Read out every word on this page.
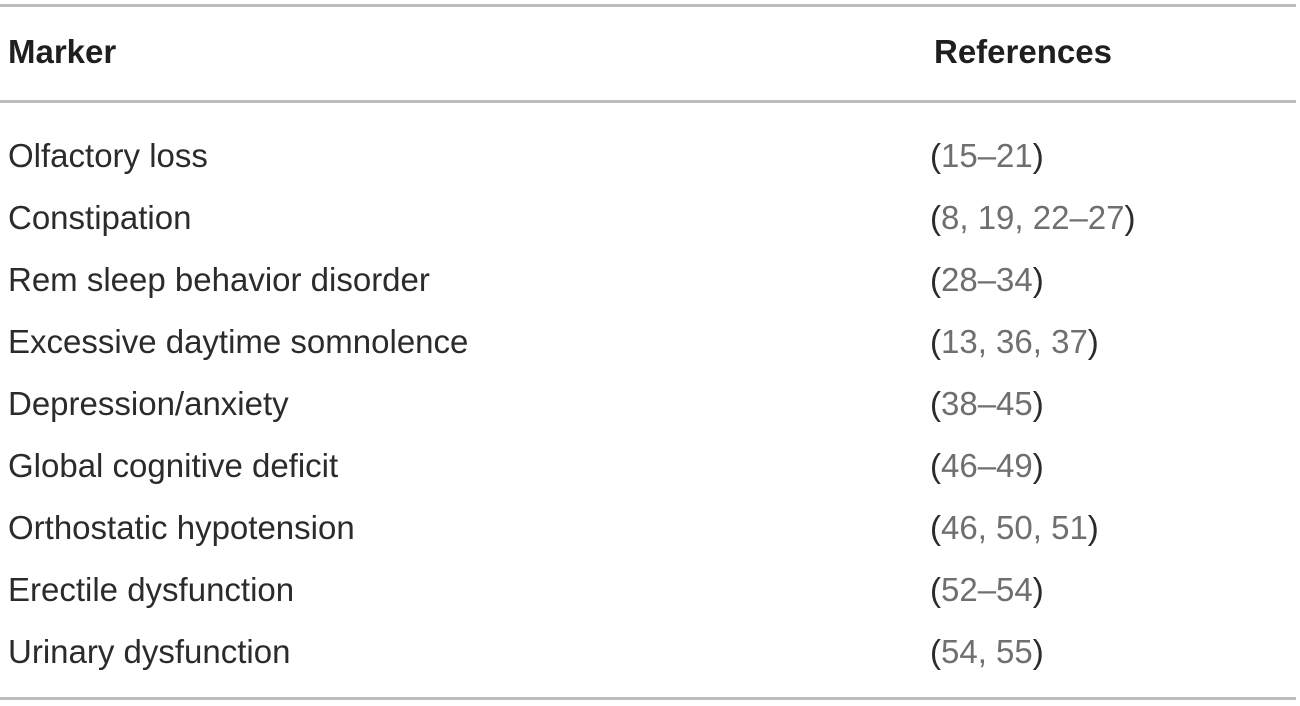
Marker	References
Olfactory loss	(15–21)
Constipation	(8, 19, 22–27)
Rem sleep behavior disorder	(28–34)
Excessive daytime somnolence	(13, 36, 37)
Depression/anxiety	(38–45)
Global cognitive deficit	(46–49)
Orthostatic hypotension	(46, 50, 51)
Erectile dysfunction	(52–54)
Urinary dysfunction	(54, 55)
